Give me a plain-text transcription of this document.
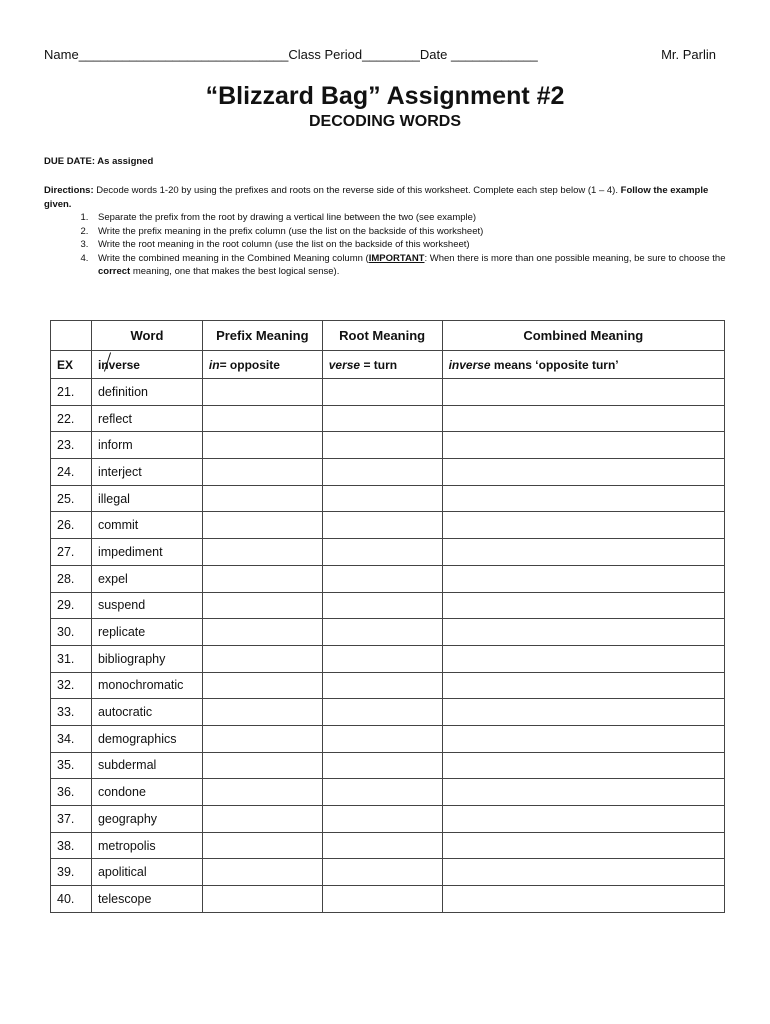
Name_____________________________Class Period________Date ____________	Mr. Parlin
“Blizzard Bag” Assignment #2
DECODING WORDS
DUE DATE: As assigned

Directions: Decode words 1-20 by using the prefixes and roots on the reverse side of this worksheet. Complete each step below (1 – 4). Follow the example given.

1. Separate the prefix from the root by drawing a vertical line between the two (see example)
2. Write the prefix meaning in the prefix column (use the list on the backside of this worksheet)
3. Write the root meaning in the root column (use the list on the backside of this worksheet)
4. Write the combined meaning in the Combined Meaning column (IMPORTANT: When there is more than one possible meaning, be sure to choose the correct meaning, one that makes the best logical sense).
	Word	Prefix Meaning	Root Meaning	Combined Meaning
EX	inverse	in= opposite	verse = turn	inverse means ‘opposite turn’
21.	definition			
22.	reflect			
23.	inform			
24.	interject			
25.	illegal			
26.	commit			
27.	impediment			
28.	expel			
29.	suspend			
30.	replicate			
31.	bibliography			
32.	monochromatic			
33.	autocratic			
34.	demographics			
35.	subdermal			
36.	condone			
37.	geography			
38.	metropolis			
39.	apolitical			
40.	telescope			
